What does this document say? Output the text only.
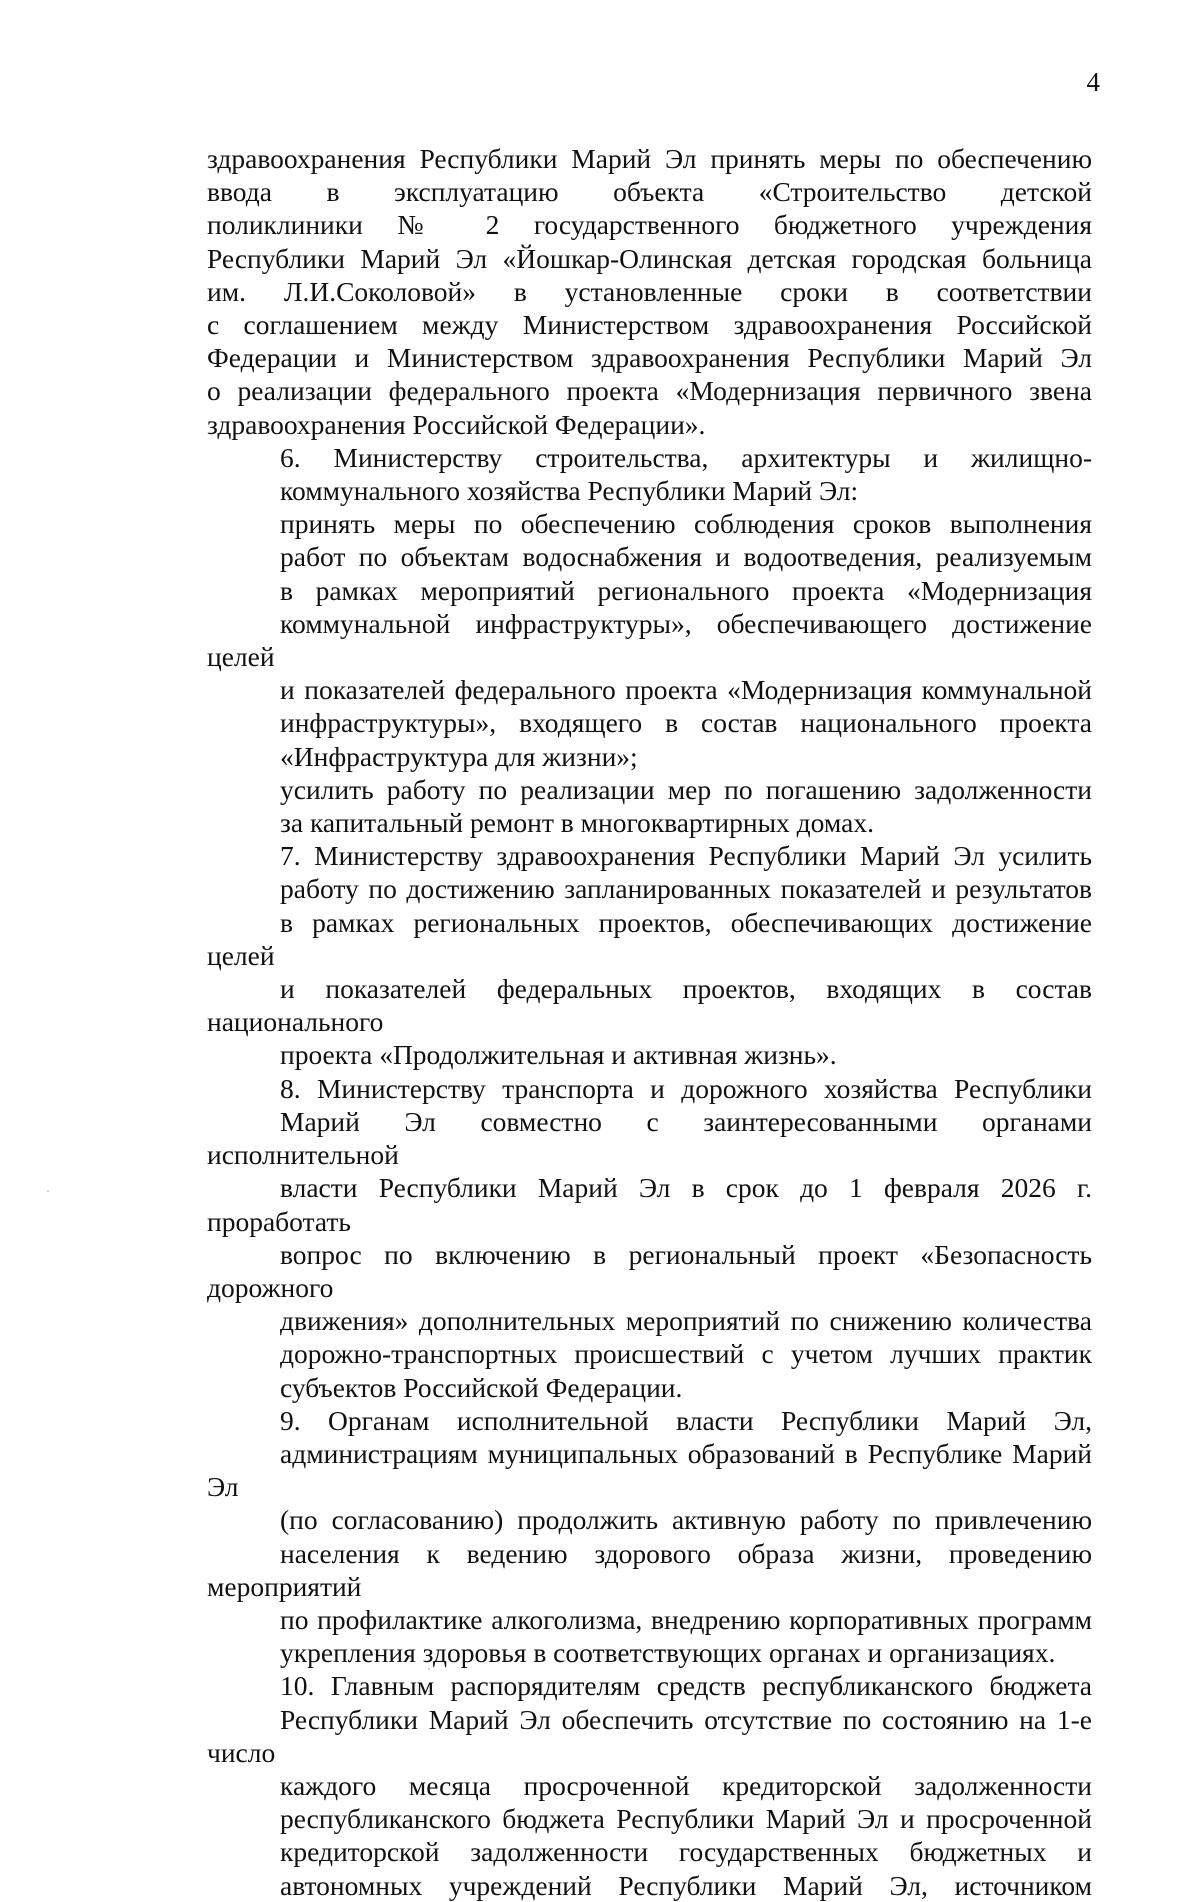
4

здравоохранения Республики Марий Эл принять меры по обеспечению
ввода в эксплуатацию объекта «Строительство детской
поликлиники № 2 государственного бюджетного учреждения
Республики Марий Эл «Йошкар-Олинская детская городская больница
им. Л.И.Соколовой» в установленные сроки в соответствии
с соглашением между Министерством здравоохранения Российской
Федерации и Министерством здравоохранения Республики Марий Эл
о реализации федерального проекта «Модернизация первичного звена
здравоохранения Российской Федерации».

6. Министерству строительства, архитектуры и жилищно-
коммунального хозяйства Республики Марий Эл:

принять меры по обеспечению соблюдения сроков выполнения
работ по объектам водоснабжения и водоотведения, реализуемым
в рамках мероприятий регионального проекта «Модернизация
коммунальной инфраструктуры», обеспечивающего достижение целей
и показателей федерального проекта «Модернизация коммунальной
инфраструктуры», входящего в состав национального проекта
«Инфраструктура для жизни»;

усилить работу по реализации мер по погашению задолженности
за капитальный ремонт в многоквартирных домах.

7. Министерству здравоохранения Республики Марий Эл усилить
работу по достижению запланированных показателей и результатов
в рамках региональных проектов, обеспечивающих достижение целей
и показателей федеральных проектов, входящих в состав национального
проекта «Продолжительная и активная жизнь».

8. Министерству транспорта и дорожного хозяйства Республики
Марий Эл совместно с заинтересованными органами исполнительной
власти Республики Марий Эл в срок до 1 февраля 2026 г. проработать
вопрос по включению в региональный проект «Безопасность дорожного
движения» дополнительных мероприятий по снижению количества
дорожно-транспортных происшествий с учетом лучших практик
субъектов Российской Федерации.

9. Органам исполнительной власти Республики Марий Эл,
администрациям муниципальных образований в Республике Марий Эл
(по согласованию) продолжить активную работу по привлечению
населения к ведению здорового образа жизни, проведению мероприятий
по профилактике алкоголизма, внедрению корпоративных программ
укрепления здоровья в соответствующих органах и организациях.

10. Главным распорядителям средств республиканского бюджета
Республики Марий Эл обеспечить отсутствие по состоянию на 1-е число
каждого месяца просроченной кредиторской задолженности
республиканского бюджета Республики Марий Эл и просроченной
кредиторской задолженности государственных бюджетных и
автономных учреждений Республики Марий Эл, источником
